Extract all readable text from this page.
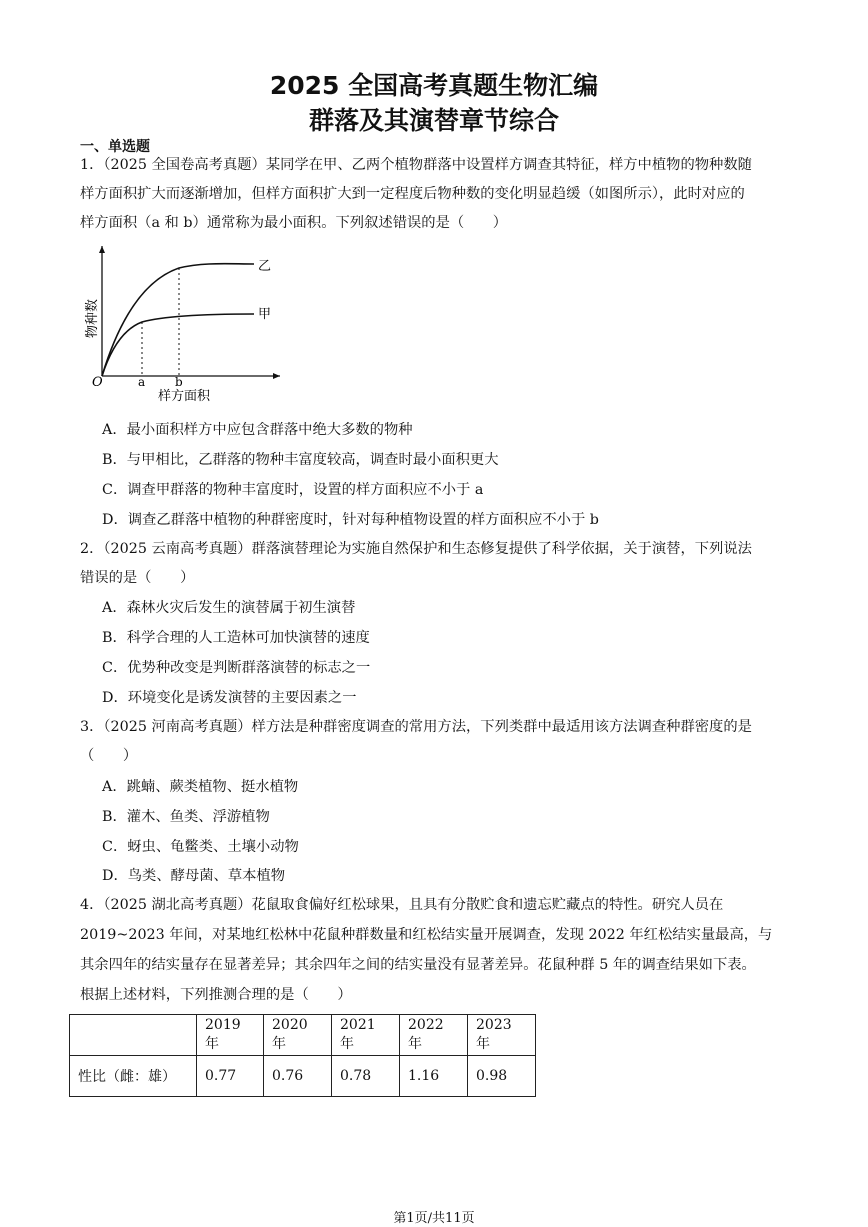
2025 全国高考真题生物汇编
群落及其演替章节综合
一、单选题
1．（2025 全国卷高考真题）某同学在甲、乙两个植物群落中设置样方调查其特征，样方中植物的物种数随
样方面积扩大而逐渐增加，但样方面积扩大到一定程度后物种数的变化明显趋缓（如图所示），此时对应的
样方面积（a 和 b）通常称为最小面积。下列叙述错误的是（　　）
乙
甲
O	a b
样方面积
物种数
A．最小面积样方中应包含群落中绝大多数的物种
B．与甲相比，乙群落的物种丰富度较高，调查时最小面积更大
C．调查甲群落的物种丰富度时，设置的样方面积应不小于 a
D．调查乙群落中植物的种群密度时，针对每种植物设置的样方面积应不小于 b
2．（2025 云南高考真题）群落演替理论为实施自然保护和生态修复提供了科学依据，关于演替，下列说法
错误的是（　　）
A．森林火灾后发生的演替属于初生演替
B．科学合理的人工造林可加快演替的速度
C．优势种改变是判断群落演替的标志之一
D．环境变化是诱发演替的主要因素之一
3．（2025 河南高考真题）样方法是种群密度调查的常用方法，下列类群中最适用该方法调查种群密度的是
（　　）
A．跳蝻、蕨类植物、挺水植物
B．灌木、鱼类、浮游植物
C．蚜虫、龟鳖类、土壤小动物
D．鸟类、酵母菌、草本植物
4．（2025 湖北高考真题）花鼠取食偏好红松球果，且具有分散贮食和遗忘贮藏点的特性。研究人员在
2019~2023 年间，对某地红松林中花鼠种群数量和红松结实量开展调查，发现 2022 年红松结实量最高，与
其余四年的结实量存在显著差异；其余四年之间的结实量没有显著差异。花鼠种群 5 年的调查结果如下表。
根据上述材料，下列推测合理的是（　　）
	2019 年	2020 年	2021 年	2022 年	2023 年
性比（雌：雄）	0.77	0.76	0.78	1.16	0.98
第1页/共11页
